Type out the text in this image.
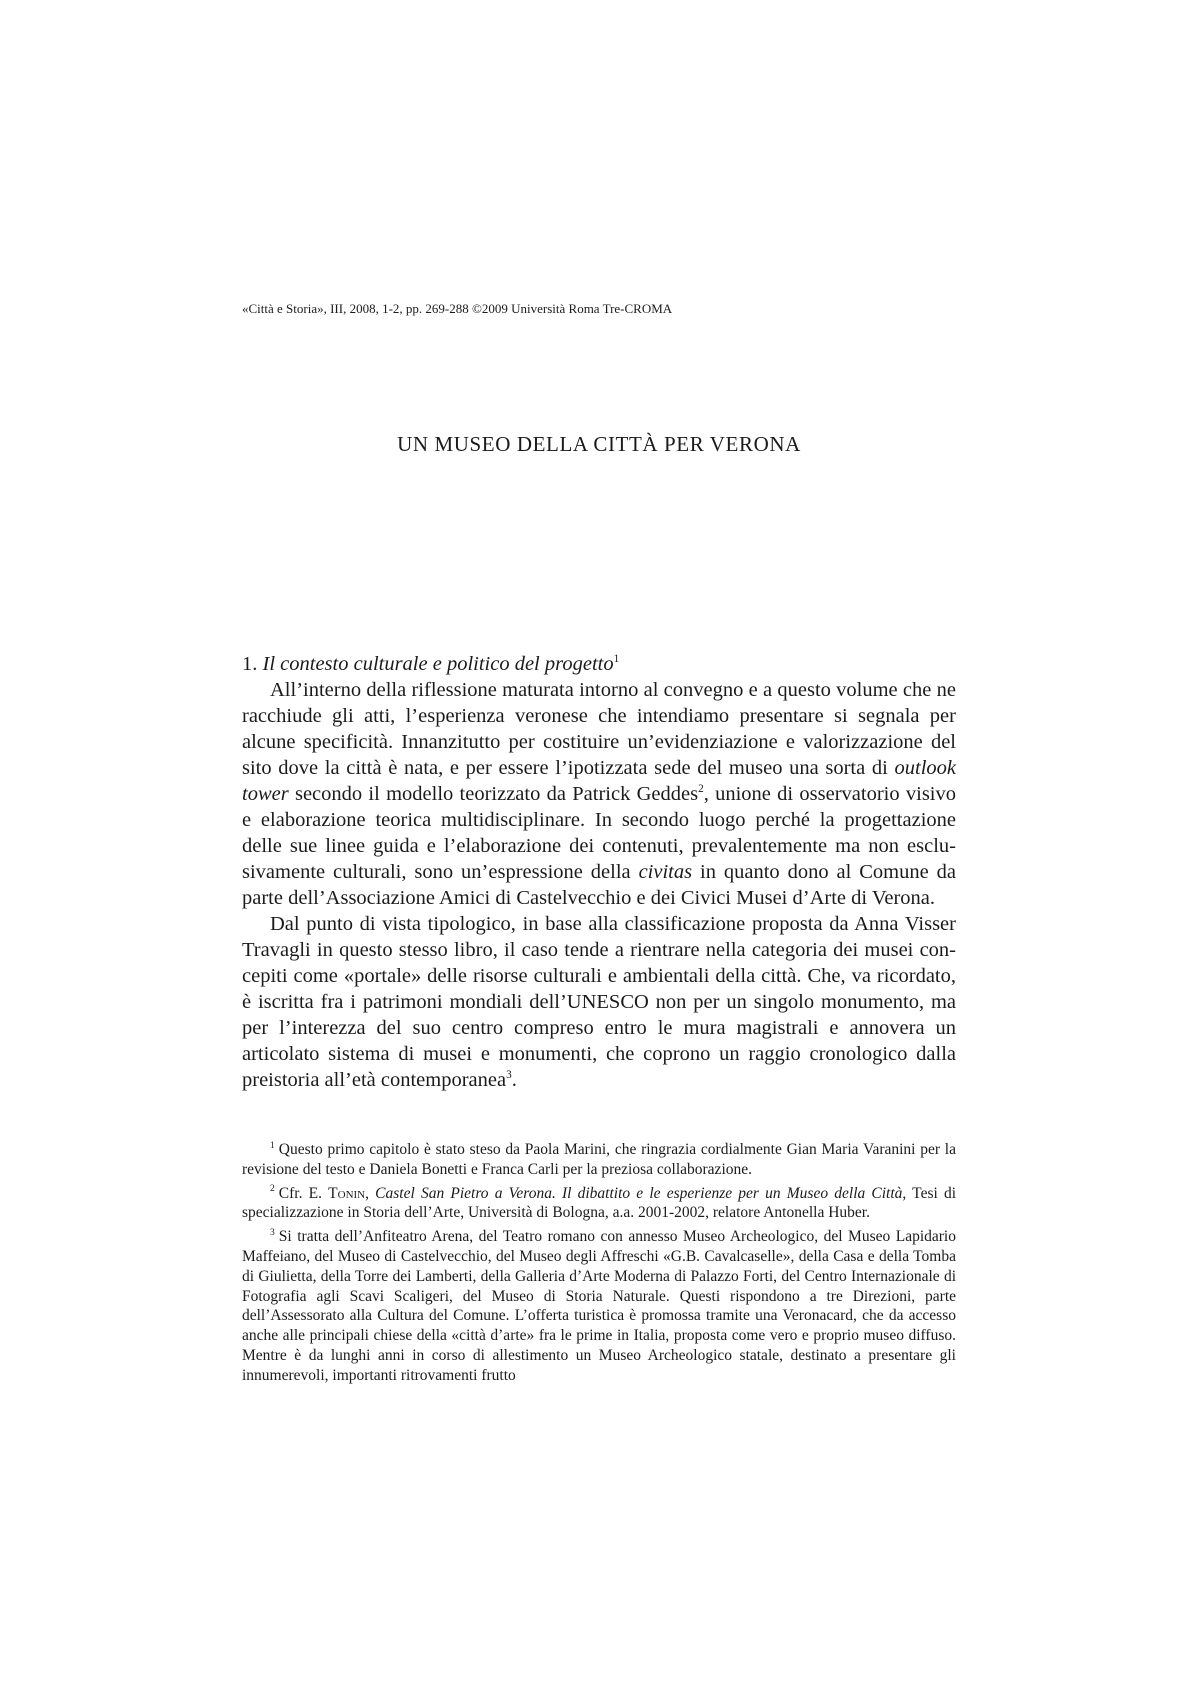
«Città e Storia», III, 2008, 1-2, pp. 269-288 ©2009 Università Roma Tre-CROMA
UN MUSEO DELLA CITTÀ PER VERONA

1. Il contesto culturale e politico del progetto$^1$

All’interno della riflessione maturata intorno al convegno e a questo volume che ne racchiude gli atti, l’esperienza veronese che intendiamo presentare si segnala per alcune specificità. Innanzitutto per costituire un’evidenziazione e valorizzazione del sito dove la città è nata, e per essere l’ipotizzata sede del museo una sorta di outlook tower secondo il modello teorizzato da Patrick Geddes$^2$, unione di osservatorio visivo e elaborazione teorica multidisciplinare. In secondo luogo perché la progettazione delle sue linee guida e l’elaborazione dei contenuti, prevalentemente ma non esclusivamente culturali, sono un’espressione della civitas in quanto dono al Comune da parte dell’Associazione Amici di Castelvecchio e dei Civici Musei d’Arte di Verona.

Dal punto di vista tipologico, in base alla classificazione proposta da Anna Visser Travagli in questo stesso libro, il caso tende a rientrare nella categoria dei musei concepiti come «portale» delle risorse culturali e ambientali della città. Che, va ricordato, è iscritta fra i patrimoni mondiali dell’UNESCO non per un singolo monumento, ma per l’interezza del suo centro compreso entro le mura magistrali e annovera un articolato sistema di musei e monumenti, che coprono un raggio cronologico dalla preistoria all’età contemporanea$^3$.

$^1$ Questo primo capitolo è stato steso da Paola Marini, che ringrazia cordialmente Gian Maria Varanini per la revisione del testo e Daniela Bonetti e Franca Carli per la preziosa collaborazione.

$^2$ Cfr. E. Tonin, Castel San Pietro a Verona. Il dibattito e le esperienze per un Museo della Città, Tesi di specializzazione in Storia dell’Arte, Università di Bologna, a.a. 2001-2002, relatore Antonella Huber.

$^3$ Si tratta dell’Anfiteatro Arena, del Teatro romano con annesso Museo Archeologico, del Museo Lapidario Maffeiano, del Museo di Castelvecchio, del Museo degli Affreschi «G.B. Cavalcaselle», della Casa e della Tomba di Giulietta, della Torre dei Lamberti, della Galleria d’Arte Moderna di Palazzo Forti, del Centro Internazionale di Fotografia agli Scavi Scaligeri, del Museo di Storia Naturale. Questi rispondono a tre Direzioni, parte dell’Assessorato alla Cultura del Comune. L’offerta turistica è promossa tramite una Veronacard, che da accesso anche alle principali chiese della «città d’arte» fra le prime in Italia, proposta come vero e proprio museo diffuso. Mentre è da lunghi anni in corso di allestimento un Museo Archeologico statale, destinato a presentare gli innumerevoli, importanti ritrovamenti frutto
